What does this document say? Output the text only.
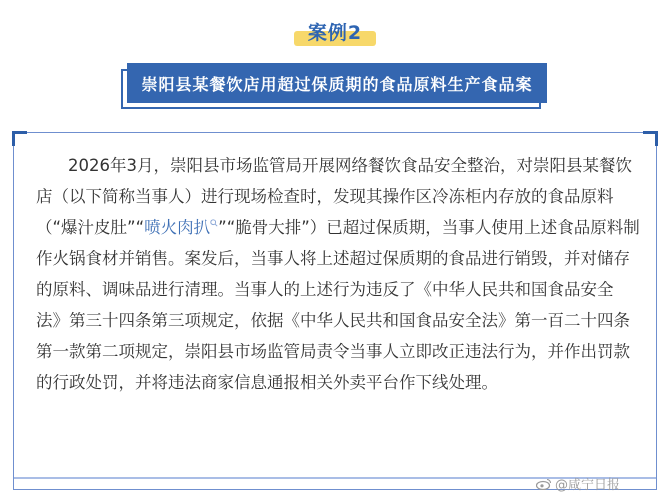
案例2
崇阳县某餐饮店用超过保质期的食品原料生产食品案
2026年3月，崇阳县市场监管局开展网络餐饮食品安全整治，对崇阳县某餐饮
店（以下简称当事人）进行现场检查时，发现其操作区冷冻柜内存放的食品原料
（“爆汁皮肚”“喷火肉扒 ”“脆骨大排”）已超过保质期，当事人使用上述食品原料制
作火锅食材并销售。案发后，当事人将上述超过保质期的食品进行销毁，并对储存
的原料、调味品进行清理。当事人的上述行为违反了《中华人民共和国食品安全
法》第三十四条第三项规定，依据《中华人民共和国食品安全法》第一百二十四条
第一款第二项规定，崇阳县市场监管局责令当事人立即改正违法行为，并作出罚款
的行政处罚，并将违法商家信息通报相关外卖平台作下线处理。
@咸宁日报
